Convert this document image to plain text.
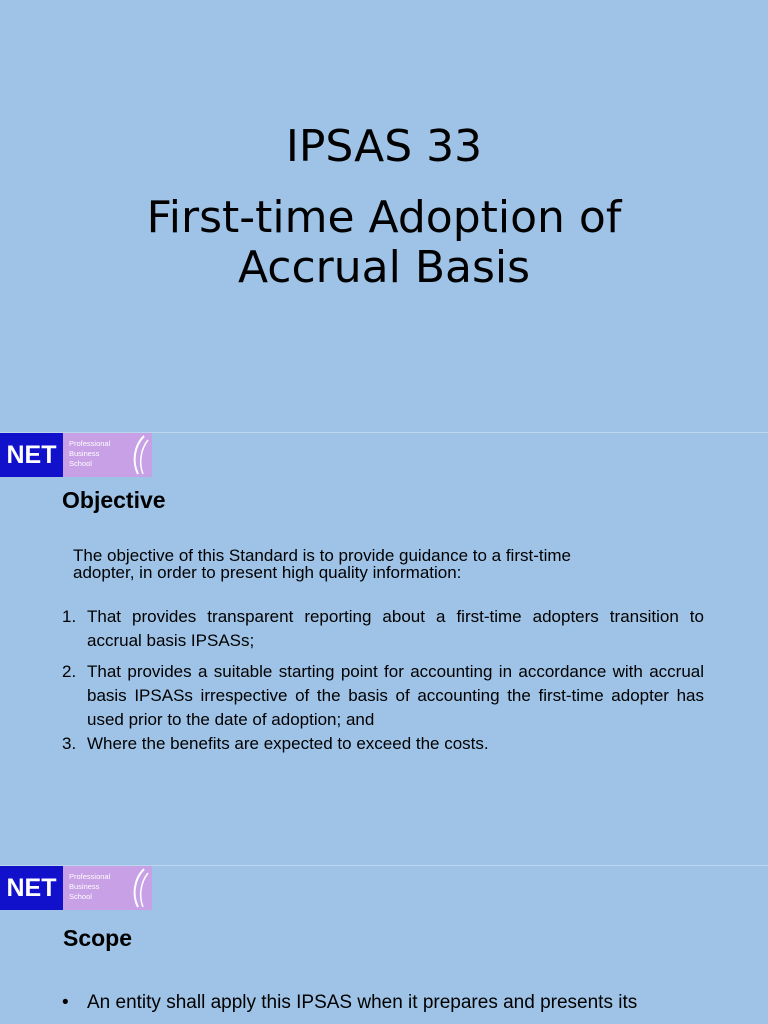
IPSAS 33
First-time Adoption of
Accrual Basis
NET	Professional
Business
School
Objective
The objective of this Standard is to provide guidance to a first-time
adopter, in order to present high quality information:
1. That provides transparent reporting about a first-time adopters transition to accrual basis IPSASs;
2. That provides a suitable starting point for accounting in accordance with accrual basis IPSASs irrespective of the basis of accounting the first-time adopter has used prior to the date of adoption; and
3. Where the benefits are expected to exceed the costs.
NET	Professional
Business
School
Scope
• An entity shall apply this IPSAS when it prepares and presents its
